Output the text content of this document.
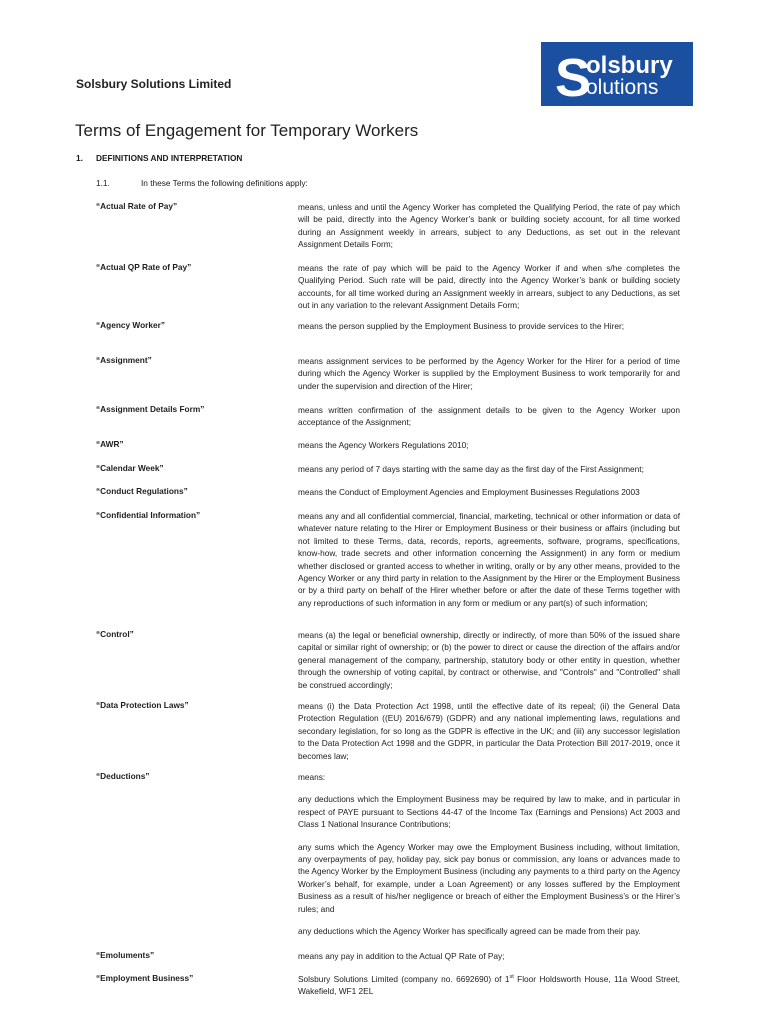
Solsbury Solutions Limited	S
olsbury
olutions
Terms of Engagement for Temporary Workers
1. DEFINITIONS AND INTERPRETATION
1.1.	In these Terms the following definitions apply:
“Actual Rate of Pay”	means, unless and until the Agency Worker has completed the Qualifying Period, the rate of pay which will be paid, directly into the Agency Worker’s bank or building society account, for all time worked during an Assignment weekly in arrears, subject to any Deductions, as set out in the relevant Assignment Details Form;
“Actual QP Rate of Pay”	means the rate of pay which will be paid to the Agency Worker if and when s/he completes the Qualifying Period. Such rate will be paid, directly into the Agency Worker’s bank or building society accounts, for all time worked during an Assignment weekly in arrears, subject to any Deductions, as set out in any variation to the relevant Assignment Details Form;
“Agency Worker”	means the person supplied by the Employment Business to provide services to the Hirer;
“Assignment”	means assignment services to be performed by the Agency Worker for the Hirer for a period of time during which the Agency Worker is supplied by the Employment Business to work temporarily for and under the supervision and direction of the Hirer;
“Assignment Details Form”	means written confirmation of the assignment details to be given to the Agency Worker upon acceptance of the Assignment;
“AWR”	means the Agency Workers Regulations 2010;
“Calendar Week”	means any period of 7 days starting with the same day as the first day of the First Assignment;
“Conduct Regulations”	means the Conduct of Employment Agencies and Employment Businesses Regulations 2003
“Confidential Information”	means any and all confidential commercial, financial, marketing, technical or other information or data of whatever nature relating to the Hirer or Employment Business or their business or affairs (including but not limited to these Terms, data, records, reports, agreements, software, programs, specifications, know-how, trade secrets and other information concerning the Assignment) in any form or medium whether disclosed or granted access to whether in writing, orally or by any other means, provided to the Agency Worker or any third party in relation to the Assignment by the Hirer or the Employment Business or by a third party on behalf of the Hirer whether before or after the date of these Terms together with any reproductions of such information in any form or medium or any part(s) of such information;
“Control”	means (a) the legal or beneficial ownership, directly or indirectly, of more than 50% of the issued share capital or similar right of ownership; or (b) the power to direct or cause the direction of the affairs and/or general management of the company, partnership, statutory body or other entity in question, whether through the ownership of voting capital, by contract or otherwise, and "Controls" and "Controlled" shall be construed accordingly;
“Data Protection Laws”	means (i) the Data Protection Act 1998, until the effective date of its repeal; (ii) the General Data Protection Regulation ((EU) 2016/679) (GDPR) and any national implementing laws, regulations and secondary legislation, for so long as the GDPR is effective in the UK; and (iii) any successor legislation to the Data Protection Act 1998 and the GDPR, in particular the Data Protection Bill 2017-2019, once it becomes law;
“Deductions”	means:

any deductions which the Employment Business may be required by law to make, and in particular in respect of PAYE pursuant to Sections 44-47 of the Income Tax (Earnings and Pensions) Act 2003 and Class 1 National Insurance Contributions;

any sums which the Agency Worker may owe the Employment Business including, without limitation, any overpayments of pay, holiday pay, sick pay bonus or commission, any loans or advances made to the Agency Worker by the Employment Business (including any payments to a third party on the Agency Worker’s behalf, for example, under a Loan Agreement) or any losses suffered by the Employment Business as a result of his/her negligence or breach of either the Employment Business’s or the Hirer’s rules; and

any deductions which the Agency Worker has specifically agreed can be made from their pay.

“Emoluments”	means any pay in addition to the Actual QP Rate of Pay;
“Employment Business”	Solsbury Solutions Limited (company no. 6692690) of 1st Floor Holdsworth House, 11a Wood Street, Wakefield, WF1 2EL
